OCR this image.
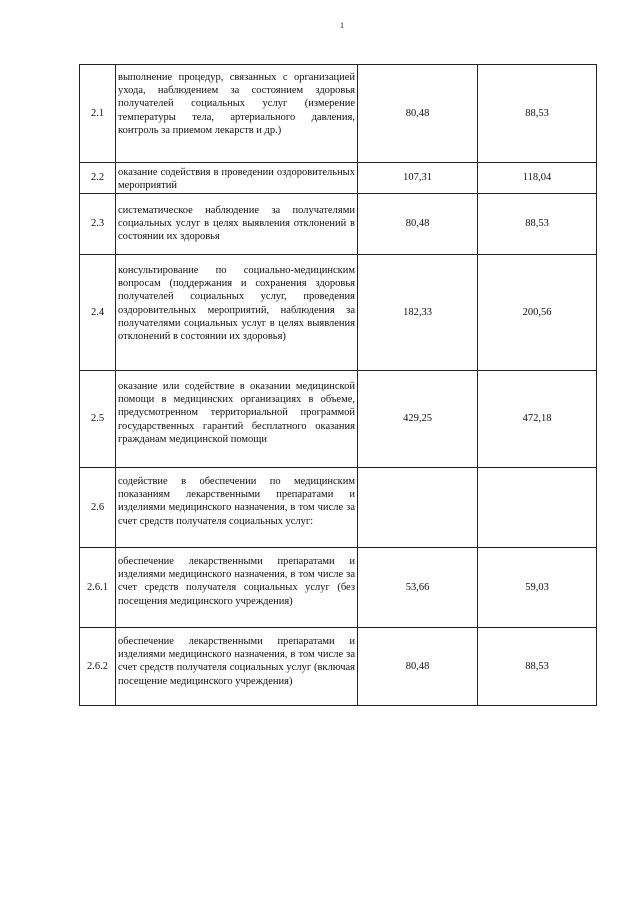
1
2.1	выполнение процедур, связанных с организацией ухода, наблюдением за состоянием здоровья получателей социальных услуг (измерение температуры тела, артериального давления, контроль за приемом лекарств и др.)	80,48	88,53
2.2	оказание содействия в проведении оздоровительных мероприятий	107,31	118,04
2.3	систематическое наблюдение за получателями социальных услуг в целях выявления отклонений в состоянии их здоровья	80,48	88,53
2.4	консультирование по социально-медицинским вопросам (поддержания и сохранения здоровья получателей социальных услуг, проведения оздоровительных мероприятий, наблюдения за получателями социальных услуг в целях выявления отклонений в состоянии их здоровья)	182,33	200,56
2.5	оказание или содействие в оказании медицинской помощи в медицинских организациях в объеме, предусмотренном территориальной программой государственных гарантий бесплатного оказания гражданам медицинской помощи	429,25	472,18
2.6	содействие в обеспечении по медицинским показаниям лекарственными препаратами и изделиями медицинского назначения, в том числе за счет средств получателя социальных услуг:		

2.6.1	обеспечение лекарственными препаратами и изделиями медицинского назначения, в том числе за счет средств получателя социальных услуг (без посещения медицинского учреждения)	53,66	59,03
2.6.2	обеспечение лекарственными препаратами и изделиями медицинского назначения, в том числе за счет средств получателя социальных услуг (включая посещение медицинского учреждения)	80,48	88,53
